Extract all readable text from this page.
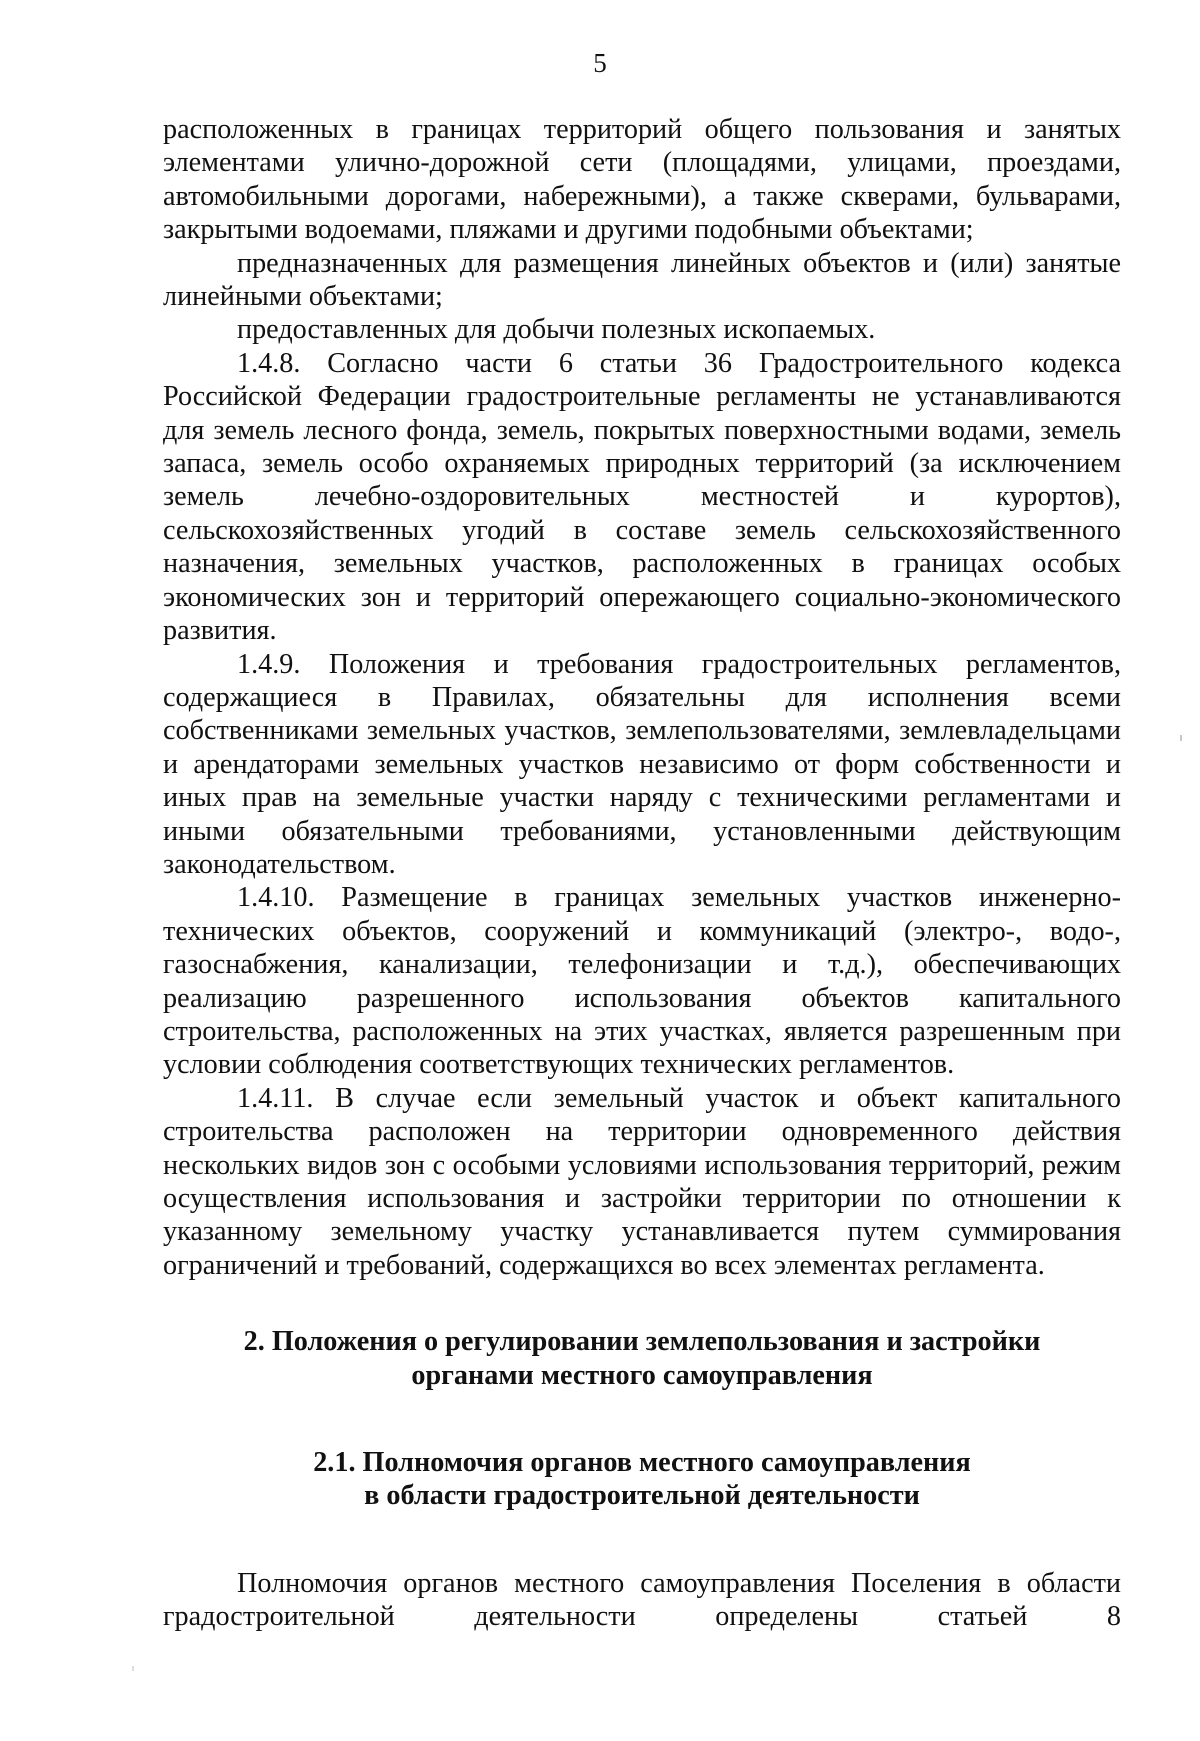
5

расположенных в границах территорий общего пользования и занятых элементами улично-дорожной сети (площадями, улицами, проездами, автомобильными дорогами, набережными), а также скверами, бульварами, закрытыми водоемами, пляжами и другими подобными объектами;

предназначенных для размещения линейных объектов и (или) занятые линейными объектами;

предоставленных для добычи полезных ископаемых.

1.4.8. Согласно части 6 статьи 36 Градостроительного кодекса Российской Федерации градостроительные регламенты не устанавливаются для земель лесного фонда, земель, покрытых поверхностными водами, земель запаса, земель особо охраняемых природных территорий (за исключением земель лечебно-оздоровительных местностей и курортов), сельскохозяйственных угодий в составе земель сельскохозяйственного назначения, земельных участков, расположенных в границах особых экономических зон и территорий опережающего социально-экономического развития.

1.4.9. Положения и требования градостроительных регламентов, содержащиеся в Правилах, обязательны для исполнения всеми собственниками земельных участков, землепользователями, землевладельцами и арендаторами земельных участков независимо от форм собственности и иных прав на земельные участки наряду с техническими регламентами и иными обязательными требованиями, установленными действующим законодательством.

1.4.10. Размещение в границах земельных участков инженерно-технических объектов, сооружений и коммуникаций (электро-, водо-, газоснабжения, канализации, телефонизации и т.д.), обеспечивающих реализацию разрешенного использования объектов капитального строительства, расположенных на этих участках, является разрешенным при условии соблюдения соответствующих технических регламентов.

1.4.11. В случае если земельный участок и объект капитального строительства расположен на территории одновременного действия нескольких видов зон с особыми условиями использования территорий, режим осуществления использования и застройки территории по отношении к указанному земельному участку устанавливается путем суммирования ограничений и требований, содержащихся во всех элементах регламента.

2. Положения о регулировании землепользования и застройки
органами местного самоуправления
2.1. Полномочия органов местного самоуправления
в области градостроительной деятельности

Полномочия органов местного самоуправления Поселения в области градостроительной деятельности определены статьей 8
